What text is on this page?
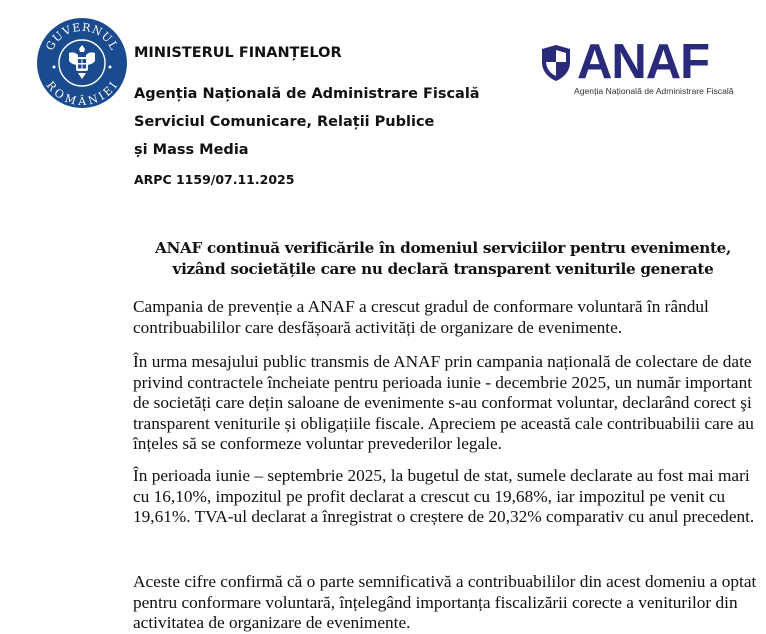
GUVERNUL
ROMÂNIEI
MINISTERUL FINANȚELOR
Agenția Națională de Administrare Fiscală
Serviciul Comunicare, Relații Publice
și Mass Media
ARPC 1159/07.11.2025
ANAF
Agenția Națională de Administrare Fiscală
ANAF continuă verificările în domeniul serviciilor pentru evenimente,
vizând societățile care nu declară transparent veniturile generate

Campania de prevenție a ANAF a crescut gradul de conformare voluntară în rândul contribuabililor care desfășoară activități de organizare de evenimente.

În urma mesajului public transmis de ANAF prin campania națională de colectare de date privind contractele încheiate pentru perioada iunie - decembrie 2025, un număr important de societăți care dețin saloane de evenimente s-au conformat voluntar, declarând corect şi transparent veniturile și obligațiile fiscale. Apreciem pe această cale contribuabilii care au înțeles să se conformeze voluntar prevederilor legale.

În perioada iunie – septembrie 2025, la bugetul de stat, sumele declarate au fost mai mari cu 16,10%, impozitul pe profit declarat a crescut cu 19,68%, iar impozitul pe venit cu 19,61%. TVA-ul declarat a înregistrat o creștere de 20,32% comparativ cu anul precedent.

Aceste cifre confirmă că o parte semnificativă a contribuabililor din acest domeniu a optat pentru conformare voluntară, înțelegând importanța fiscalizării corecte a veniturilor din activitatea de organizare de evenimente.
